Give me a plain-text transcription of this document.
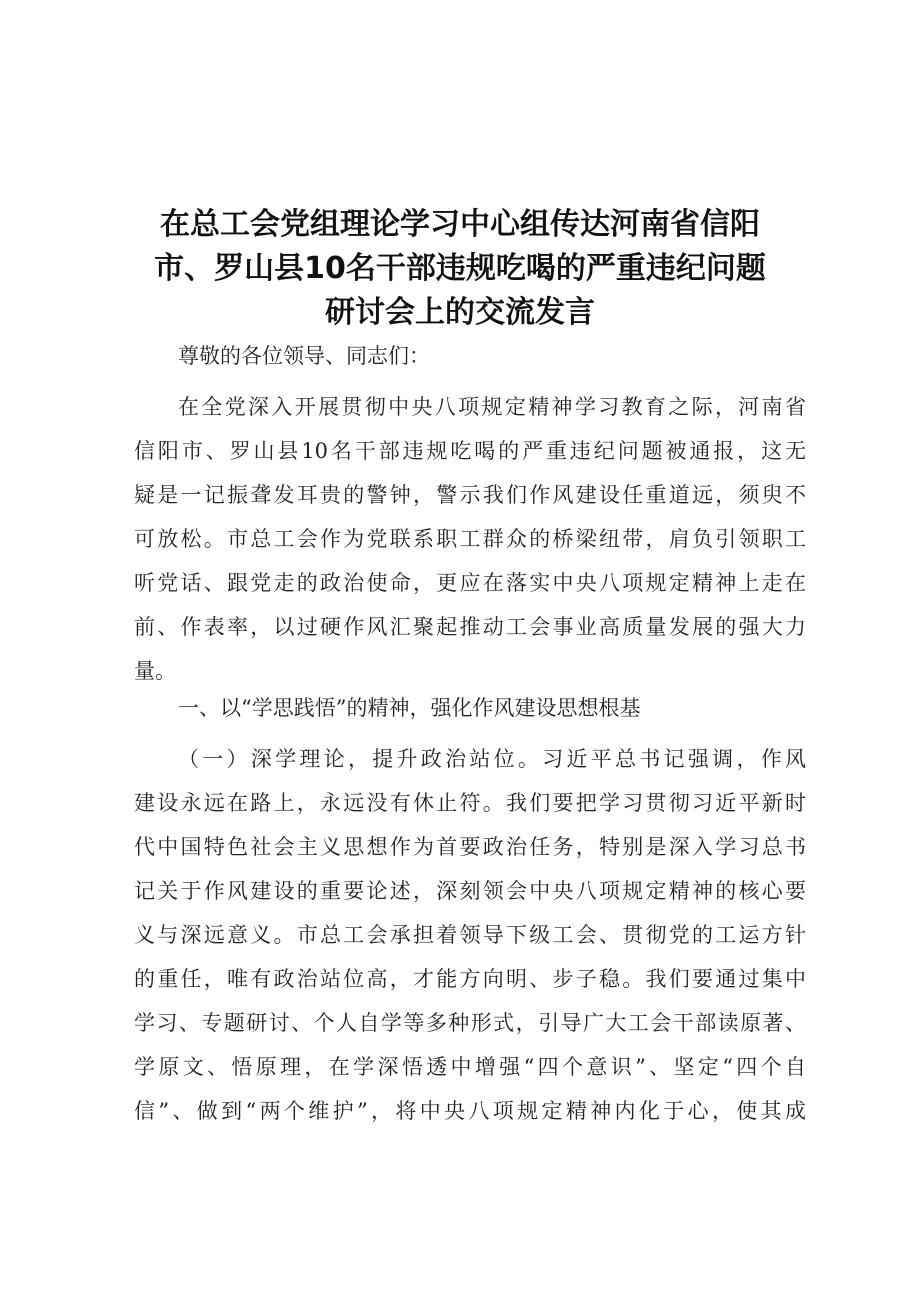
在总工会党组理论学习中心组传达河南省信阳
市、罗山县10名干部违规吃喝的严重违纪问题
研讨会上的交流发言
尊敬的各位领导、同志们：
在全党深入开展贯彻中央八项规定精神学习教育之际，河南省
信阳市、罗山县10名干部违规吃喝的严重违纪问题被通报，这无
疑是一记振聋发耳贵的警钟，警示我们作风建设任重道远，须臾不
可放松。市总工会作为党联系职工群众的桥梁纽带，肩负引领职工
听党话、跟党走的政治使命，更应在落实中央八项规定精神上走在
前、作表率，以过硬作风汇聚起推动工会事业高质量发展的强大力
量。
一、以“学思践悟”的精神，强化作风建设思想根基
（一）深学理论，提升政治站位。习近平总书记强调，作风
建设永远在路上，永远没有休止符。我们要把学习贯彻习近平新时
代中国特色社会主义思想作为首要政治任务，特别是深入学习总书
记关于作风建设的重要论述，深刻领会中央八项规定精神的核心要
义与深远意义。市总工会承担着领导下级工会、贯彻党的工运方针
的重任，唯有政治站位高，才能方向明、步子稳。我们要通过集中
学习、专题研讨、个人自学等多种形式，引导广大工会干部读原著、
学原文、悟原理，在学深悟透中增强“四个意识”、坚定“四个自
信”、做到“两个维护”，将中央八项规定精神内化于心，使其成
